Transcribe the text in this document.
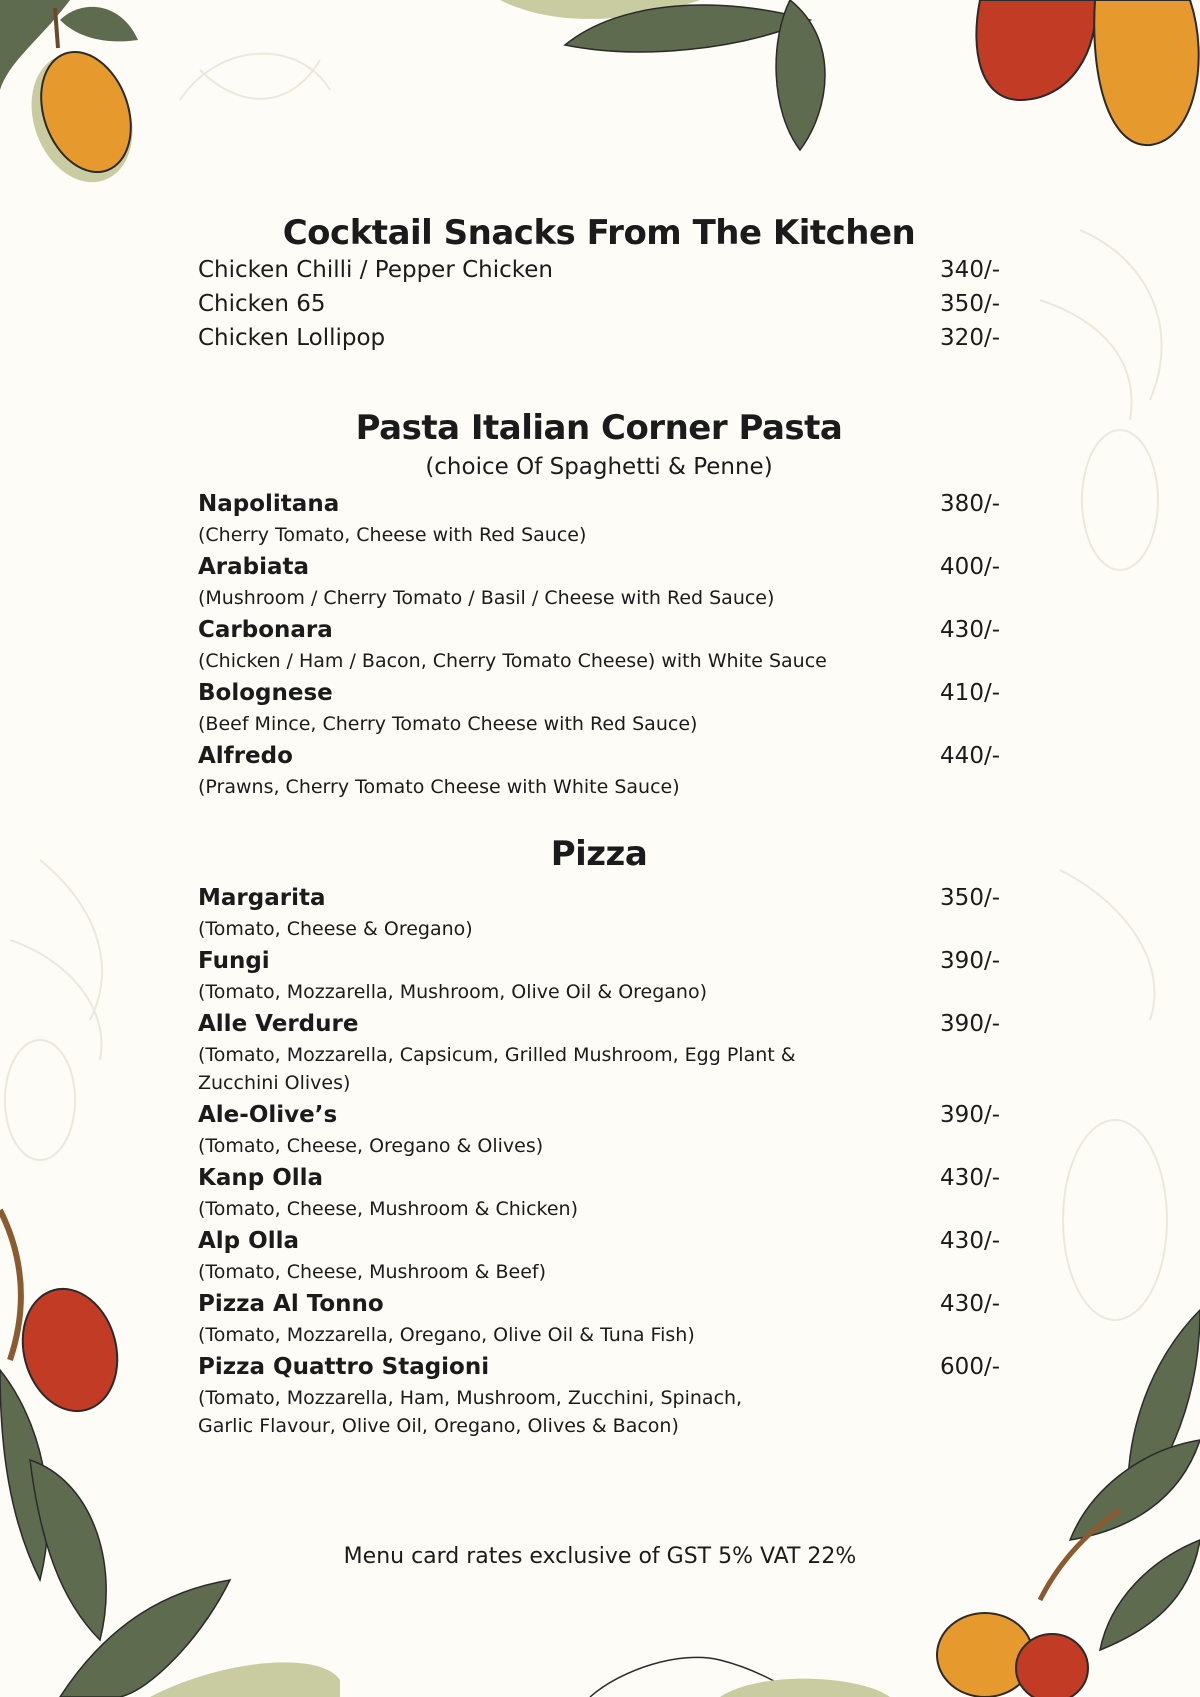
Cocktail Snacks From The Kitchen
Chicken Chilli / Pepper Chicken	340/-
Chicken 65	350/-
Chicken Lollipop	320/-
Pasta Italian Corner Pasta
(choice Of Spaghetti & Penne)
Napolitana	380/-
(Cherry Tomato, Cheese with Red Sauce)
Arabiata	400/-
(Mushroom / Cherry Tomato / Basil / Cheese with Red Sauce)
Carbonara	430/-
(Chicken / Ham / Bacon, Cherry Tomato Cheese) with White Sauce
Bolognese	410/-
(Beef Mince, Cherry Tomato Cheese with Red Sauce)
Alfredo	440/-
(Prawns, Cherry Tomato Cheese with White Sauce)
Pizza
Margarita	350/-
(Tomato, Cheese & Oregano)
Fungi	390/-
(Tomato, Mozzarella, Mushroom, Olive Oil & Oregano)
Alle Verdure	390/-
(Tomato, Mozzarella, Capsicum, Grilled Mushroom, Egg Plant & Zucchini Olives)
Ale-Olive’s	390/-
(Tomato, Cheese, Oregano & Olives)
Kanp Olla	430/-
(Tomato, Cheese, Mushroom & Chicken)
Alp Olla	430/-
(Tomato, Cheese, Mushroom & Beef)
Pizza Al Tonno	430/-
(Tomato, Mozzarella, Oregano, Olive Oil & Tuna Fish)
Pizza Quattro Stagioni	600/-
(Tomato, Mozzarella, Ham, Mushroom, Zucchini, Spinach, Garlic Flavour, Olive Oil, Oregano, Olives & Bacon)
Menu card rates exclusive of GST 5% VAT 22%
